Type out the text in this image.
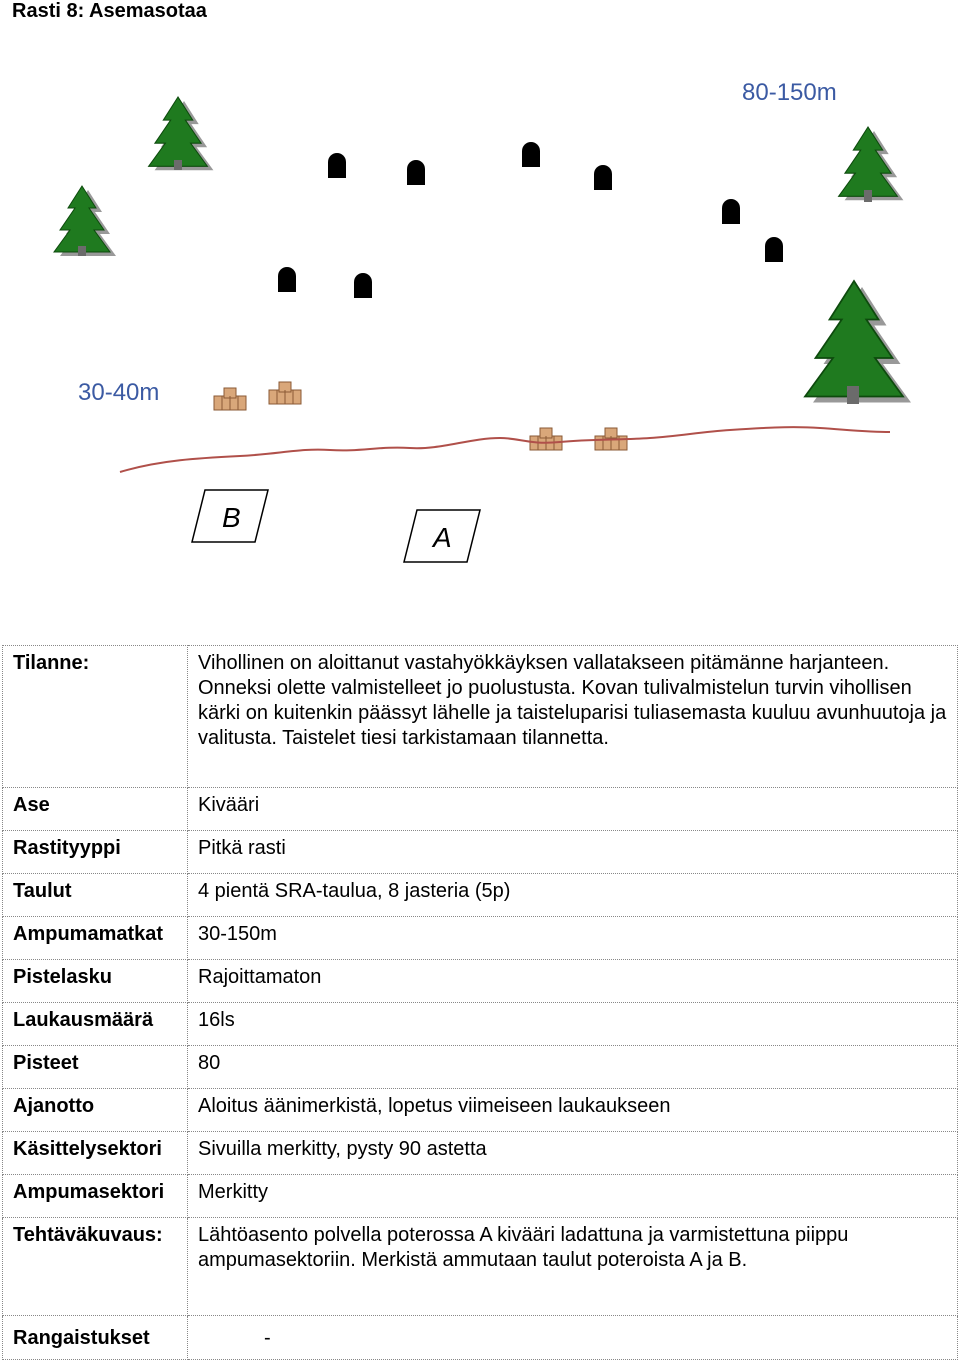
Rasti 8: Asemasotaa
80-150m
30-40m
B
A
Tilanne:	Vihollinen on aloittanut vastahyökkäyksen vallatakseen pitämänne harjanteen. Onneksi olette valmistelleet jo puolustusta. Kovan tulivalmistelun turvin vihollisen kärki on kuitenkin päässyt lähelle ja taisteluparisi tuliasemasta kuuluu avunhuutoja ja valitusta. Taistelet tiesi tarkistamaan tilannetta.
Ase	Kivääri
Rastityyppi	Pitkä rasti
Taulut	4 pientä SRA-taulua, 8 jasteria (5p)
Ampumamatkat	30-150m
Pistelasku	Rajoittamaton
Laukausmäärä	16ls
Pisteet	80
Ajanotto	Aloitus äänimerkistä, lopetus viimeiseen laukaukseen
Käsittelysektori	Sivuilla merkitty, pysty 90 astetta
Ampumasektori	Merkitty
Tehtäväkuvaus:	Lähtöasento polvella poterossa A kivääri ladattuna ja varmistettuna piippu ampumasektoriin. Merkistä ammutaan taulut poteroista A ja B.
Rangaistukset	-
